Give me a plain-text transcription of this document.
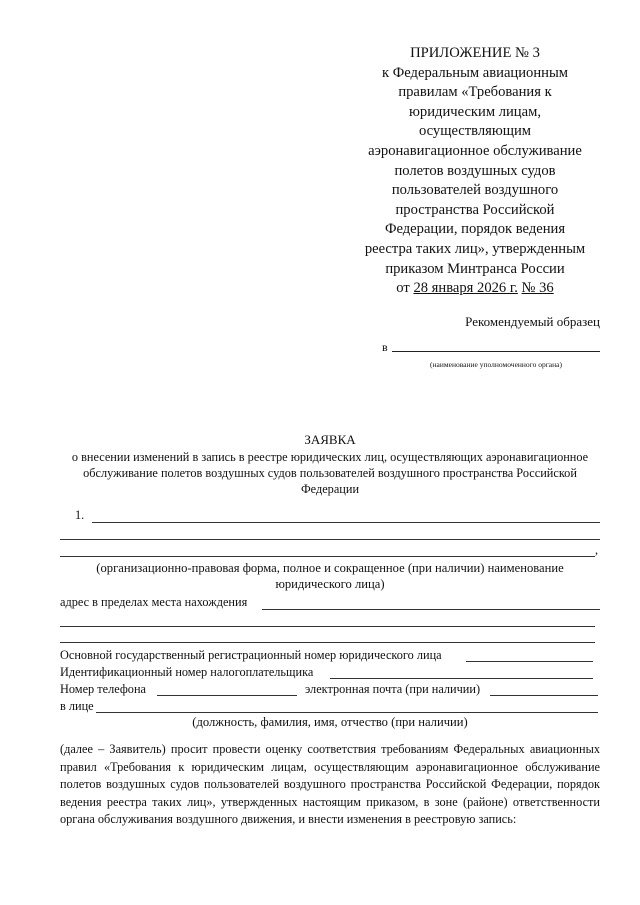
ПРИЛОЖЕНИЕ № 3
к Федеральным авиационным
правилам «Требования к
юридическим лицам,
осуществляющим
аэронавигационное обслуживание
полетов воздушных судов
пользователей воздушного
пространства Российской
Федерации, порядок ведения
реестра таких лиц», утвержденным
приказом Минтранса России
от 28 января 2026 г. № 36
Рекомендуемый образец
в
(наименование уполномоченного органа)
ЗАЯВКА
о внесении изменений в запись в реестре юридических лиц, осуществляющих аэронавигационное
обслуживание полетов воздушных судов пользователей воздушного пространства Российской
Федерации
1.
,
(организационно-правовая форма, полное и сокращенное (при наличии) наименование
юридического лица)
адрес в пределах места нахождения
Основной государственный регистрационный номер юридического лица
Идентификационный номер налогоплательщика
Номер телефона	электронная почта (при наличии)
в лице
(должность, фамилия, имя, отчество (при наличии)
(далее – Заявитель) просит провести оценку соответствия требованиям Федеральных авиационных правил «Требования к юридическим лицам, осуществляющим аэронавигационное обслуживание полетов воздушных судов пользователей воздушного пространства Российской Федерации, порядок ведения реестра таких лиц», утвержденных настоящим приказом, в зоне (районе) ответственности органа обслуживания воздушного движения, и внести изменения в реестровую запись:
